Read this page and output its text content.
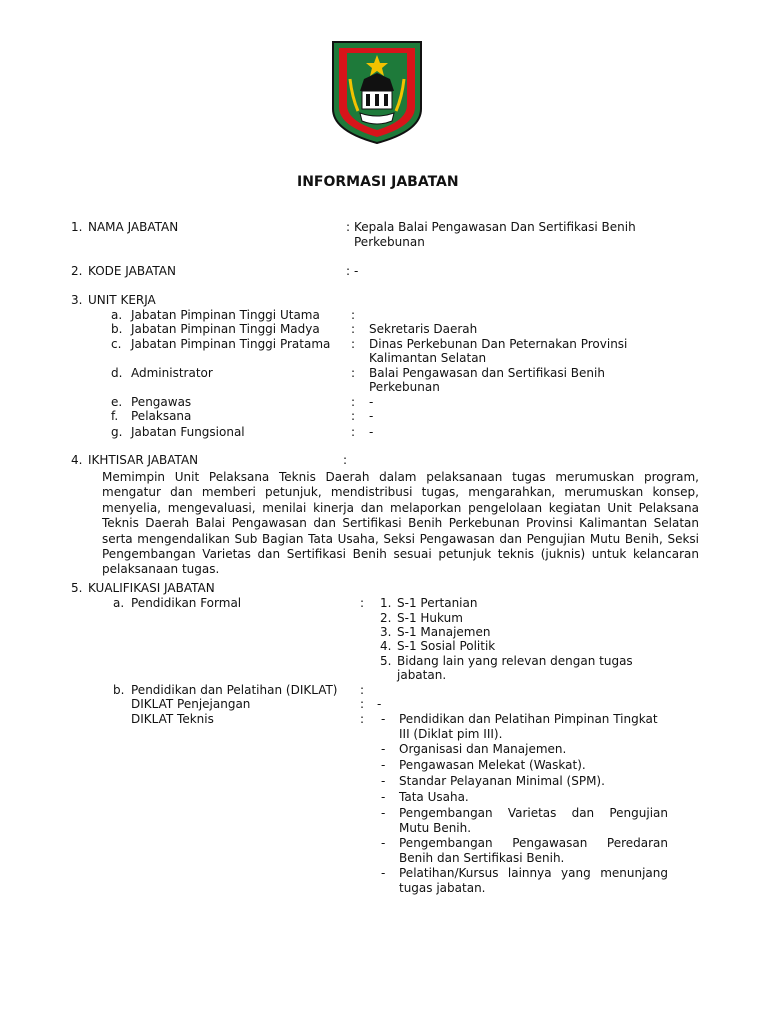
INFORMASI JABATAN
1. NAMA JABATAN	: Kepala Balai Pengawasan Dan Sertifikasi Benih
Perkebunan
2. KODE JABATAN	: -
3. UNIT KERJA
a. Jabatan Pimpinan Tinggi Utama	:
b. Jabatan Pimpinan Tinggi Madya	: Sekretaris Daerah
c. Jabatan Pimpinan Tinggi Pratama : Dinas Perkebunan Dan Peternakan Provinsi
Kalimantan Selatan
d. Administrator	: Balai Pengawasan dan Sertifikasi Benih
Perkebunan
e. Pengawas	: -
f. Pelaksana	: -
g. Jabatan Fungsional	: -
4. IKHTISAR JABATAN	:
Memimpin Unit Pelaksana Teknis Daerah dalam pelaksanaan tugas merumuskan program, mengatur dan memberi petunjuk, mendistribusi tugas, mengarahkan, merumuskan konsep, menyelia, mengevaluasi, menilai kinerja dan melaporkan pengelolaan kegiatan Unit Pelaksana Teknis Daerah Balai Pengawasan dan Sertifikasi Benih Perkebunan Provinsi Kalimantan Selatan serta mengendalikan Sub Bagian Tata Usaha, Seksi Pengawasan dan Pengujian Mutu Benih, Seksi Pengembangan Varietas dan Sertifikasi Benih sesuai petunjuk teknis (juknis) untuk kelancaran pelaksanaan tugas.
5. KUALIFIKASI JABATAN
a. Pendidikan Formal	: 1. S-1 Pertanian
2. S-1 Hukum
3. S-1 Manajemen
4. S-1 Sosial Politik
5. Bidang lain yang relevan dengan tugas
jabatan.
b. Pendidikan dan Pelatihan (DIKLAT) :
DIKLAT Penjejangan	: -
DIKLAT Teknis	: - Pendidikan dan Pelatihan Pimpinan Tingkat
III (Diklat pim III).
- Organisasi dan Manajemen.
- Pengawasan Melekat (Waskat).
- Standar Pelayanan Minimal (SPM).
- Tata Usaha.
- Pengembangan Varietas dan Pengujian
Mutu Benih.
- Pengembangan Pengawasan Peredaran
Benih dan Sertifikasi Benih.
- Pelatihan/Kursus lainnya yang menunjang
tugas jabatan.
